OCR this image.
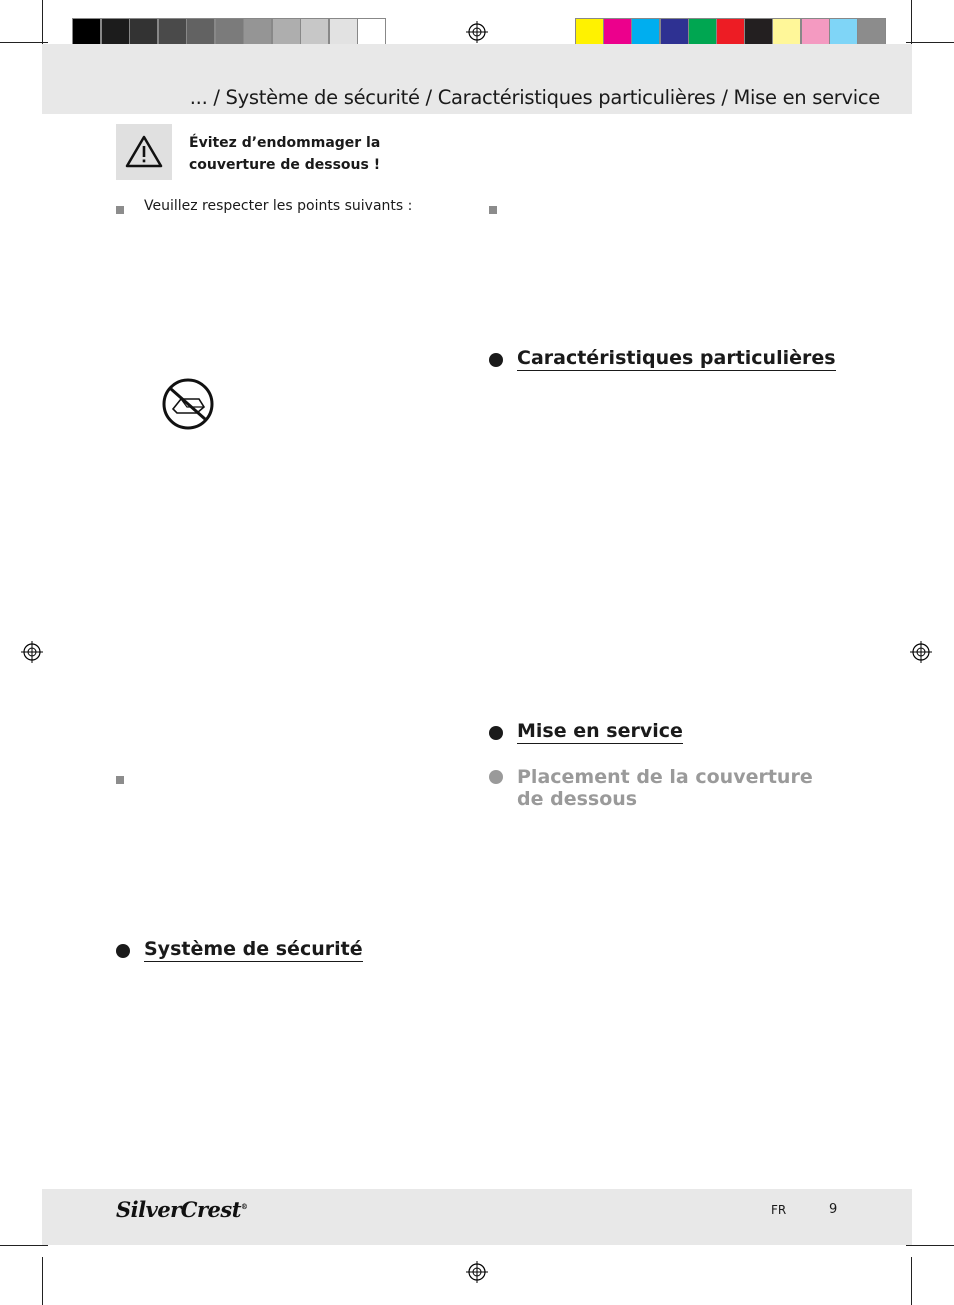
... / Système de sécurité / Caractéristiques particulières / Mise en service
Évitez d’endommager la
couverture de dessous !
Veuillez respecter les points suivants :
Système de sécurité
Caractéristiques particulières
Mise en service
Placement de la couverture
de dessous
SilverCrest®	FR	9
